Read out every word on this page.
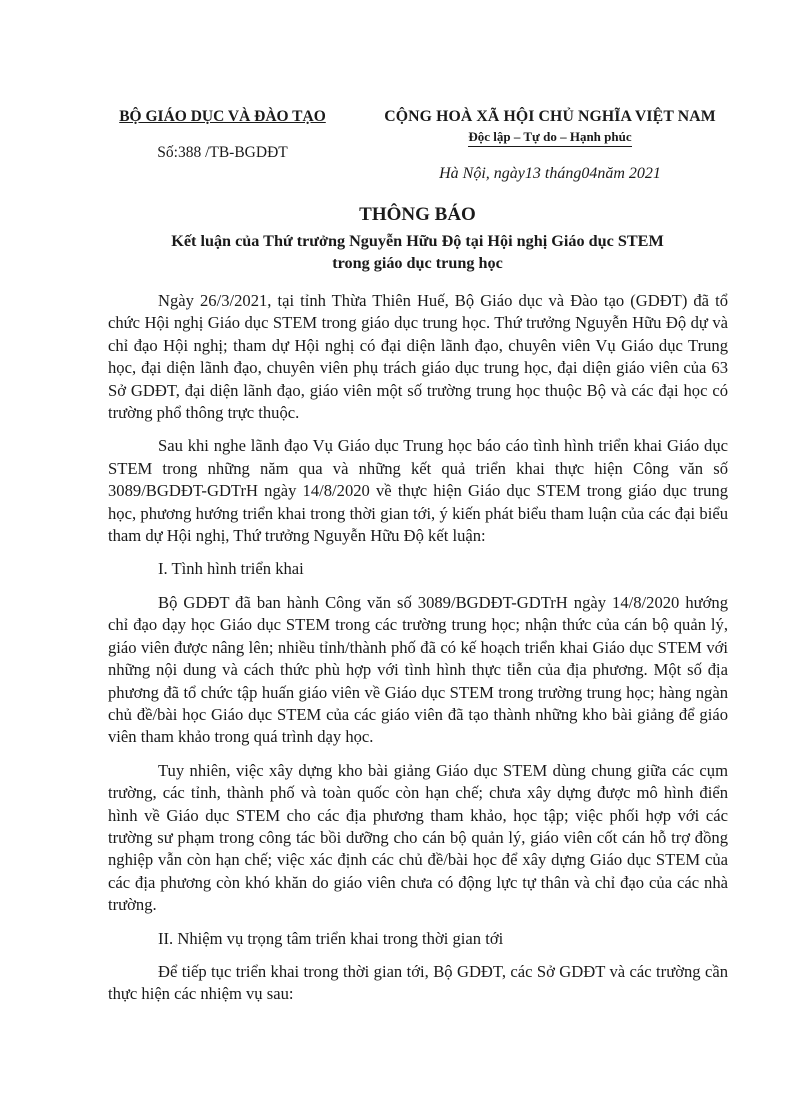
BỘ GIÁO DỤC VÀ ĐÀO TẠO
Số:388 /TB-BGDĐT
CỘNG HOÀ XÃ HỘI CHỦ NGHĨA VIỆT NAM
Độc lập – Tự do – Hạnh phúc
Hà Nội, ngày13 tháng04năm 2021
THÔNG BÁO
Kết luận của Thứ trưởng Nguyễn Hữu Độ tại Hội nghị Giáo dục STEM
trong giáo dục trung học

Ngày 26/3/2021, tại tỉnh Thừa Thiên Huế, Bộ Giáo dục và Đào tạo (GDĐT) đã tổ chức Hội nghị Giáo dục STEM trong giáo dục trung học. Thứ trưởng Nguyễn Hữu Độ dự và chỉ đạo Hội nghị; tham dự Hội nghị có đại diện lãnh đạo, chuyên viên Vụ Giáo dục Trung học, đại diện lãnh đạo, chuyên viên phụ trách giáo dục trung học, đại diện giáo viên của 63 Sở GDĐT, đại diện lãnh đạo, giáo viên một số trường trung học thuộc Bộ và các đại học có trường phổ thông trực thuộc.

Sau khi nghe lãnh đạo Vụ Giáo dục Trung học báo cáo tình hình triển khai Giáo dục STEM trong những năm qua và những kết quả triển khai thực hiện Công văn số 3089/BGDĐT-GDTrH ngày 14/8/2020 về thực hiện Giáo dục STEM trong giáo dục trung học, phương hướng triển khai trong thời gian tới, ý kiến phát biểu tham luận của các đại biểu tham dự Hội nghị, Thứ trưởng Nguyễn Hữu Độ kết luận:

I. Tình hình triển khai

Bộ GDĐT đã ban hành Công văn số 3089/BGDĐT-GDTrH ngày 14/8/2020 hướng chỉ đạo dạy học Giáo dục STEM trong các trường trung học; nhận thức của cán bộ quản lý, giáo viên được nâng lên; nhiều tỉnh/thành phố đã có kế hoạch triển khai Giáo dục STEM với những nội dung và cách thức phù hợp với tình hình thực tiễn của địa phương. Một số địa phương đã tổ chức tập huấn giáo viên về Giáo dục STEM trong trường trung học; hàng ngàn chủ đề/bài học Giáo dục STEM của các giáo viên đã tạo thành những kho bài giảng để giáo viên tham khảo trong quá trình dạy học.

Tuy nhiên, việc xây dựng kho bài giảng Giáo dục STEM dùng chung giữa các cụm trường, các tỉnh, thành phố và toàn quốc còn hạn chế; chưa xây dựng được mô hình điển hình về Giáo dục STEM cho các địa phương tham khảo, học tập; việc phối hợp với các trường sư phạm trong công tác bồi dưỡng cho cán bộ quản lý, giáo viên cốt cán hỗ trợ đồng nghiệp vẫn còn hạn chế; việc xác định các chủ đề/bài học để xây dựng Giáo dục STEM của các địa phương còn khó khăn do giáo viên chưa có động lực tự thân và chỉ đạo của các nhà trường.

II. Nhiệm vụ trọng tâm triển khai trong thời gian tới

Để tiếp tục triển khai trong thời gian tới, Bộ GDĐT, các Sở GDĐT và các trường cần thực hiện các nhiệm vụ sau:
